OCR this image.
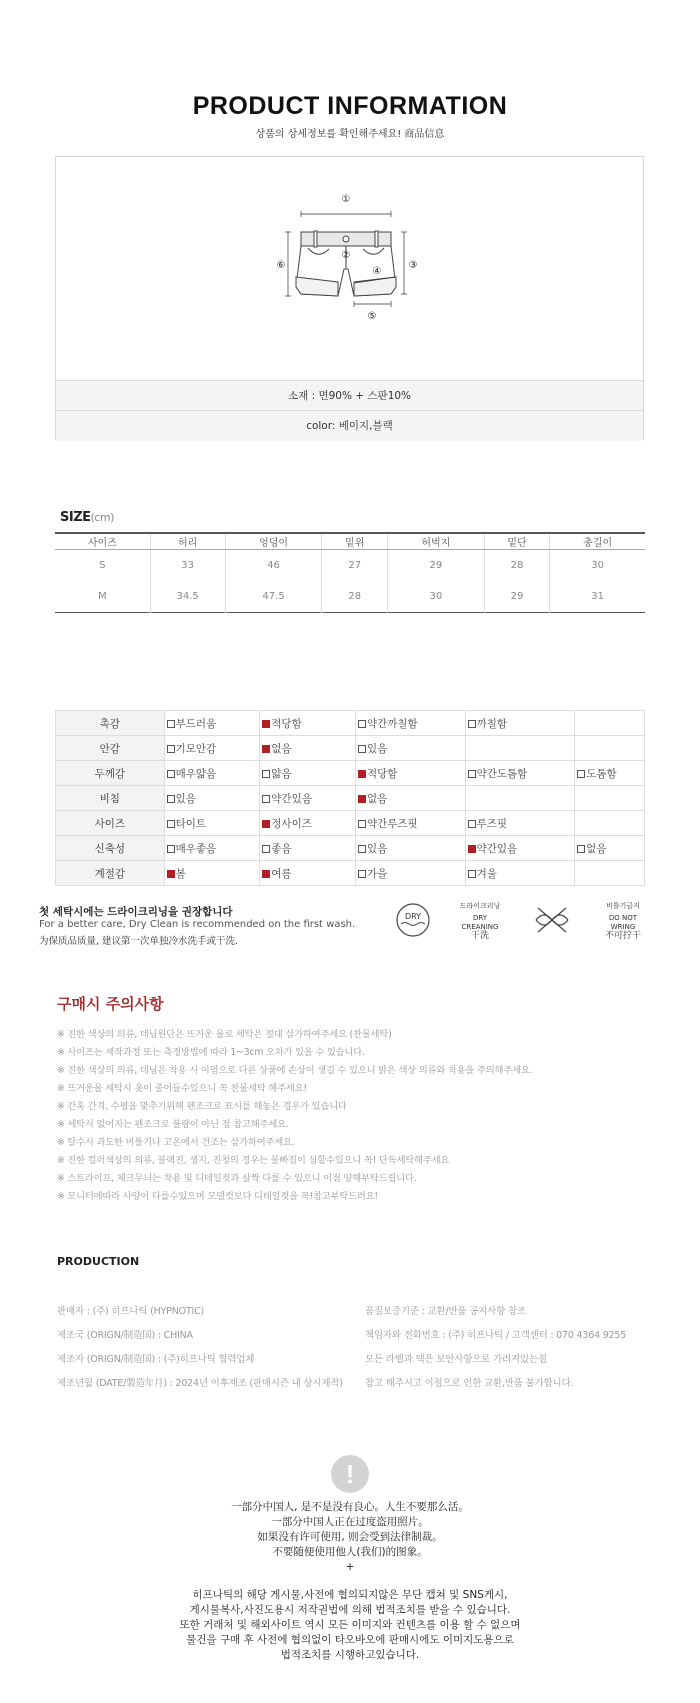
PRODUCT INFORMATION
상품의 상세정보를 확인해주세요! 商品信息
①
②
③
④
⑤
⑥
소재 : 면90% + 스판10%
color: 베이지,블랙
SIZE(cm)
사이즈	허리	엉덩이	밑위	허벅지	밑단	총길이
S	33	46	27	29	28	30
M	34.5	47.5	28	30	29	31
촉감	부드러움	적당함	약간까칠함	까칠함	
안감	기모안감	없음	있음		
두께감	매우얇음	얇음	적당함	약간도톰함	도톰함
비침	있음	약간있음	없음		
사이즈	타이트	정사이즈	약간루즈핏	루즈핏	
신축성	매우좋음	좋음	있음	약간있음	없음
계절감	봄	여름	가을	겨울	
첫 세탁시에는 드라이크리닝을 권장합니다
For a better care, Dry Clean is recommended on the first wash.
为保质品质量, 建议第一次单独冷水洗手或干洗.
DRY
드라이크리닝
DRY
CREANING
干洗
비틀기금지
DO NOT
WRING
不可拧干
구매시 주의사항
※ 진한 색상의 의류, 데님원단은 뜨거운 물로 세탁은 절대 삼가하여주세요 (찬물세탁)
※ 사이즈는 제작과정 또는 측정방법에 따라 1~3cm 오차가 있을 수 있습니다.
※ 진한 색상의 의류, 데님은 착용 시 이염으로 다른 상품에 손상이 생길 수 있으니 밝은 색상 의류와 착용을 주의해주세요.
※ 뜨거운물 세탁시 옷이 줄어들수있으니 꼭 찬물세탁 해주세요!
※ 간혹 간격, 수평을 맞추기위해 펜조크로 표시를 해놓은 경우가 있습니다
※ 세탁시 없어지는 펜조크로 불량이 아닌 점 참고해주세요.
※ 탈수시 과도한 비틀기나 고온에서 건조는 삼가하여주세요.
※ 진한 컬러색상의 의류, 블랙진, 생지, 진청의 경우는 물빠짐이 심할수있으니 꼭! 단독세탁해주세요
※ 스트라이프, 체크무늬는 착용 및 디테일컷과 살짝 다를 수 있으니 이점 양해부탁드립니다.
※ 모니터에따라 사양이 다를수있으며 모델컷보다 디테일컷을 꼭!참고부탁드려요!
PRODUCTION
판매자 : (주) 히프나틱 (HYPNOTIC)
제조국 (ORIGN/制造国) : CHINA
제조자 (ORIGN/制造国) : (주)히프나틱 협력업체
제조년월 (DATE/製造年月) : 2024년 이후제조 (판매시즌 내 상시제작)
품질보증기준 : 교환/반품 공지사항 참조
책임자와 전화번호 : (주) 히프나틱 / 고객센터 : 070 4364 9255
모든 라벨과 택은 보안사항으로 가려져있는점
참고 해주시고 이점으로 인한 교환,반품 불가합니다.
!
一部分中国人, 是不是没有良心。人生不要那么活。
一部分中国人正在过度盗用照片。
如果没有许可使用, 则会受到法律制裁。
不要随便使用他人(我们)的图象。
+
히프나틱의 해당 게시물,사전에 협의되지않은 무단 캡쳐 및 SNS게시,
게시물복사,사진도용시 저작권법에 의해 법적조치를 받을 수 있습니다.
또한 거래처 및 해외사이트 역시 모든 이미지와 컨텐츠를 이용 할 수 없으며
물건을 구매 후 사전에 협의없이 타오바오에 판매시에도 이미지도용으로
법적조치를 시행하고있습니다.
